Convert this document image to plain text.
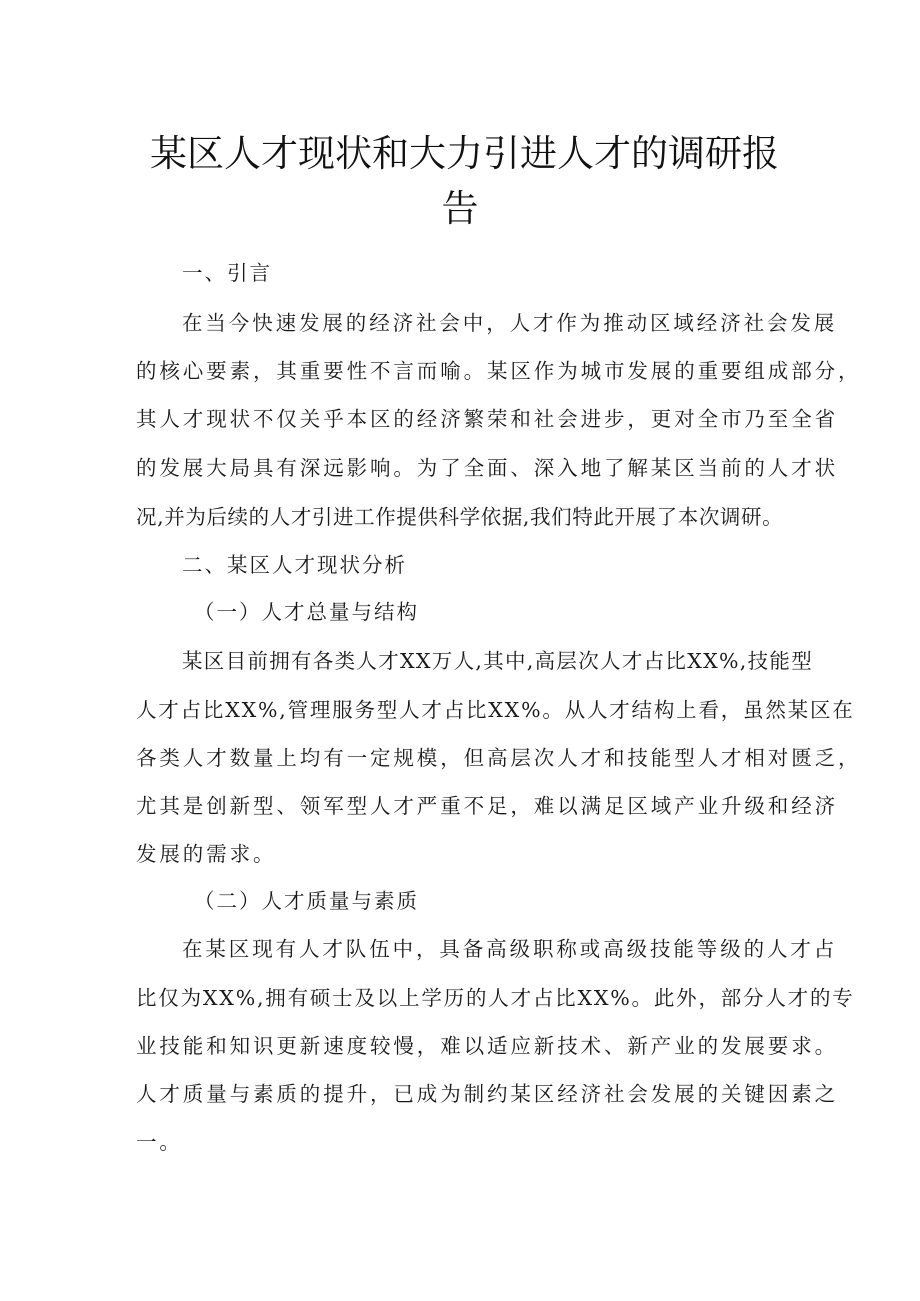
某区人才现状和大力引进人才的调研报
告
一、引言
在当今快速发展的经济社会中，人才作为推动区域经济社会发展
的核心要素，其重要性不言而喻。某区作为城市发展的重要组成部分，
其人才现状不仅关乎本区的经济繁荣和社会进步，更对全市乃至全省
的发展大局具有深远影响。为了全面、深入地了解某区当前的人才状
况,并为后续的人才引进工作提供科学依据,我们特此开展了本次调研。
二、某区人才现状分析
（一）人才总量与结构
某区目前拥有各类人才XX万人,其中,高层次人才占比XX%,技能型
人才占比XX%,管理服务型人才占比XX%。从人才结构上看，虽然某区在
各类人才数量上均有一定规模，但高层次人才和技能型人才相对匮乏，
尤其是创新型、领军型人才严重不足，难以满足区域产业升级和经济
发展的需求。
（二）人才质量与素质
在某区现有人才队伍中，具备高级职称或高级技能等级的人才占
比仅为XX%,拥有硕士及以上学历的人才占比XX%。此外，部分人才的专
业技能和知识更新速度较慢，难以适应新技术、新产业的发展要求。
人才质量与素质的提升，已成为制约某区经济社会发展的关键因素之
一。
